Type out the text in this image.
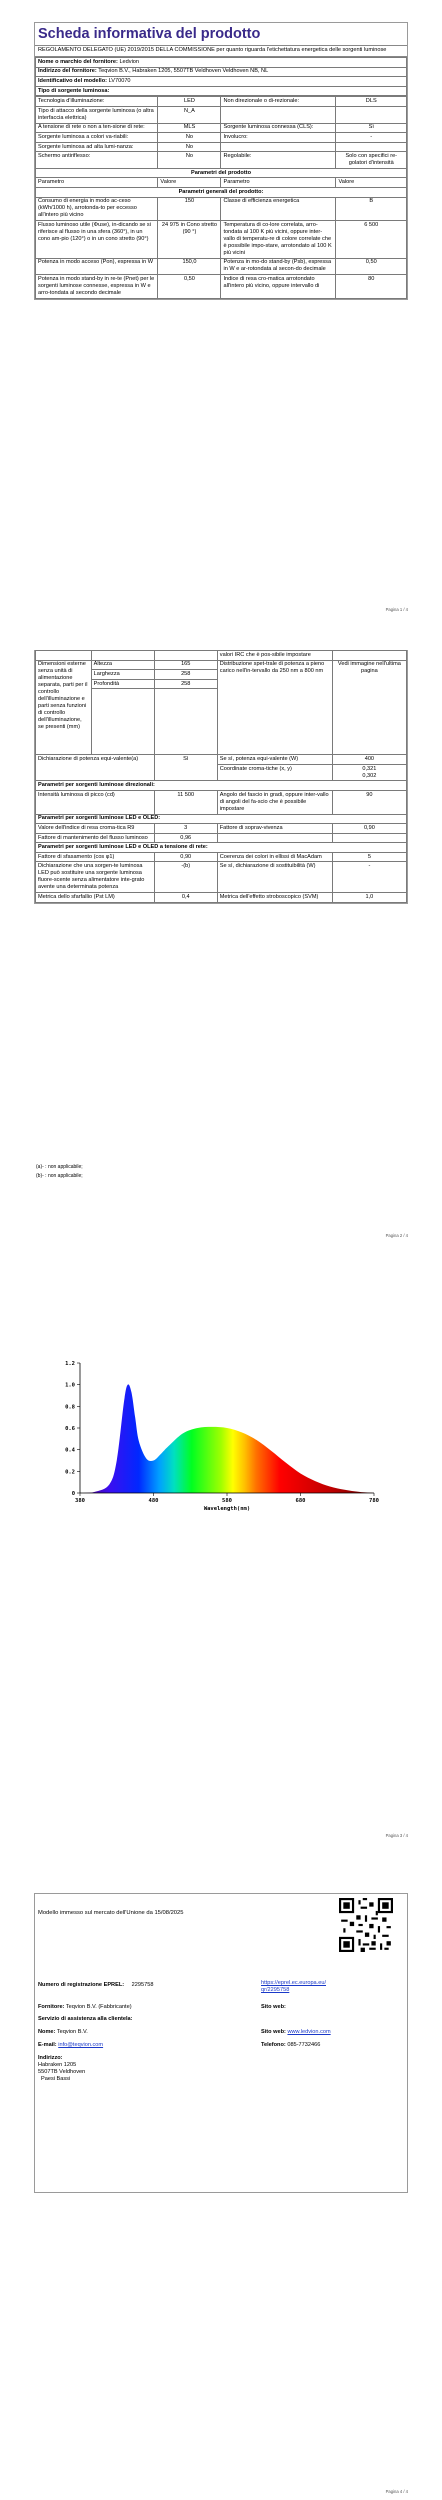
Scheda informativa del prodotto
REGOLAMENTO DELEGATO (UE) 2019/2015 DELLA COMMISSIONE per quanto riguarda l'etichettatura energetica delle sorgenti luminose
Nome o marchio del fornitore: Ledvion
Indirizzo del fornitore: Teqvion B.V., Habraken 1205, 5507TB Veldhoven Veldhoven NB, NL
Identificativo del modello: LV70070
Tipo di sorgente luminosa:
Tecnologia d'illuminazione:	LED	Non direzionale o di-rezionale:	DLS
Tipo di attacco della sorgente luminosa (o altra interfaccia elettrica)	N_A		
A tensione di rete o non a ten-sione di rete:	MLS	Sorgente luminosa connessa (CLS):	Sì
Sorgente luminosa a colori va-riabili:	No	Involucro:	-
Sorgente luminosa ad alta lumi-nanza:	No		
Schermo antiriflesso:	No	Regolabile:	Solo con specifici re-golatori d'intensità
Parametri del prodotto			
Parametro	Valore	Parametro	Valore
Parametri generali del prodotto:			
Consumo di energia in modo ac-ceso (kWh/1000 h), arrotonda-to per eccesso all'intero più vicino	150	Classe di efficienza energetica	B
Flusso luminoso utile (Φuse), in-dicando se si riferisce al flusso in una sfera (360°), in un cono am-pio (120°) o in un cono stretto (90°)	24 975 in Cono stretto (90 °)	Temperatura di co-lore correlata, arro-tondata al 100 K più vicini, oppure inter-vallo di temperatu-re di colore correlate che è possibile impo-stare, arrotondato al 100 K più vicini	6 500
Potenza in modo acceso (Pon), espressa in W	150,0	Potenza in mo-do stand-by (Psb), espressa in W e ar-rotondata al secon-do decimale	0,50
Potenza in modo stand-by in re-te (Pnet) per le sorgenti luminose connesse, espressa in W e arro-tondata al secondo decimale	0,50	Indice di resa cro-matica arrotondato all'intero più vicino, oppure intervallo di	80
Pagina 1 / 4
			valori IRC che è pos-sibile impostare	
Dimensioni esterne senza unità di alimentazione separata, parti per il controllo dell'illuminazione e parti senza funzioni di controllo dell'illuminazione, se presenti (mm)	Altezza	165	Distribuzione spet-trale di potenza a pieno carico nell'in-tervallo da 250 nm a 800 nm	Vedi immagine nell'ultima pagina
	Larghezza	258		
	Profondità	258		

Dichiarazione di potenza equi-valente(a)		Sì	Se sì, potenza equi-valente (W)	400
			Coordinate croma-tiche (x, y)	0,321
0,302

Parametri per sorgenti luminose direzionali:				
Intensità luminosa di picco (cd)		11 500	Angolo del fascio in gradi, oppure inter-vallo di angoli del fa-scio che è possibile impostare	90
Parametri per sorgenti luminose LED e OLED:				
Valore dell'indice di resa croma-tica R9		3	Fattore di soprav-vivenza	0,90
Fattore di mantenimento del flusso luminoso		0,96		
Parametri per sorgenti luminose LED e OLED a tensione di rete:				
Fattore di sfasamento (cos φ1)		0,90	Coerenza dei colori in ellissi di MacAdam	5
Dichiarazione che una sorgen-te luminosa LED può sostituire una sorgente luminosa fluore-scente senza alimentatore inte-grato avente una determinata potenza		-(b)	Se sì, dichiarazione di sostituibilità (W)	-
Metrica dello sfarfallio (Pst LM)		0,4	Metrica dell'effetto stroboscopico (SVM)	1,0
(a)- : non applicabile;
(b)- : non applicabile;
Pagina 2 / 4
Pagina 3 / 4
0
0.2
0.4
0.6
0.8
1.0
1.2
380	480	580	680	780
Wavelength(nm)
Modello immesso sul mercato dell'Unione da 15/08/2025
Numero di registrazione EPREL: 2295758	https://eprel.ec.europa.eu/qr/2295758
Fornitore: Teqvion B.V. (Fabbricante)	Sito web:
Servizio di assistenza alla clientela:
Nome: Teqvion B.V.	Sito web: www.ledvion.com
E-mail: info@teqvion.com	Telefono: 085-7732466
Indirizzo:
Habraken 1205
5507TB Veldhoven
Paesi Bassi
Pagina 4 / 4
